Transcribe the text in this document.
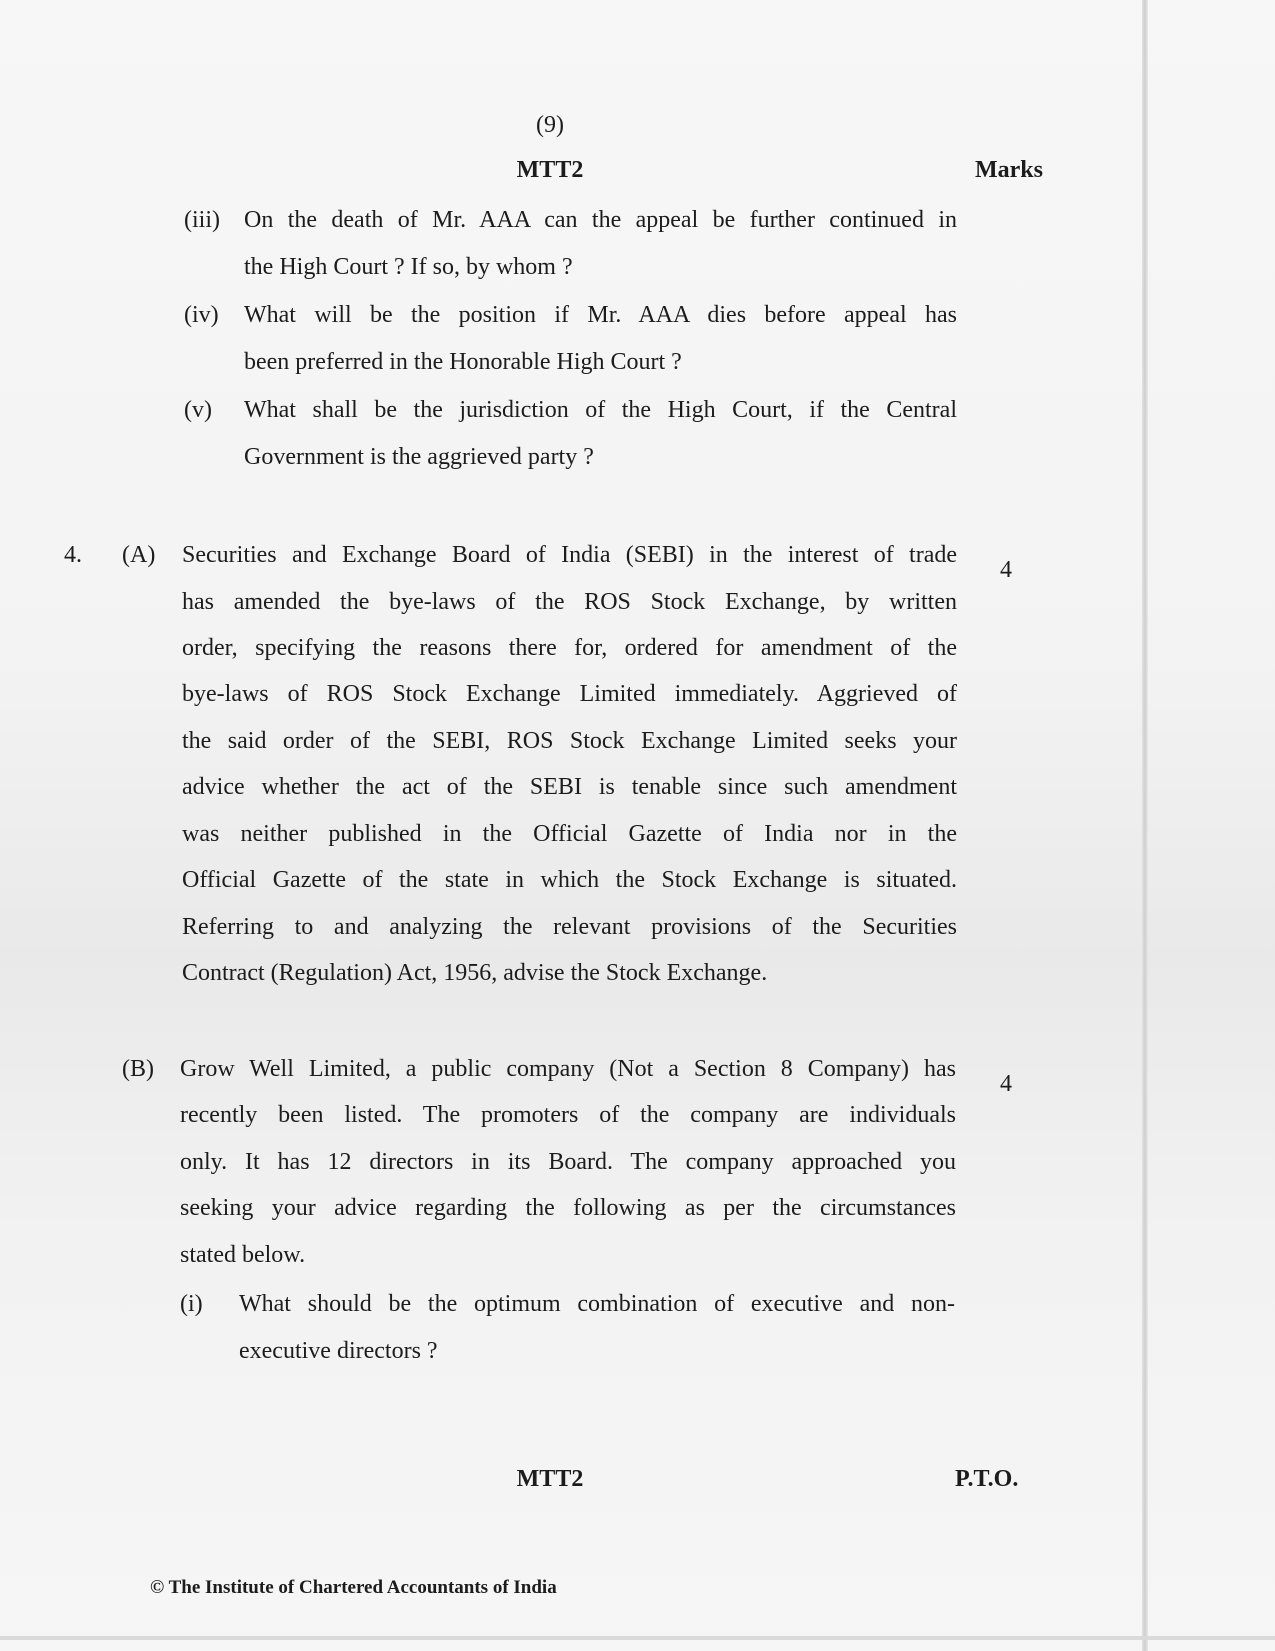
(9)
MTT2	Marks
(iii) On the death of Mr. AAA can the appeal be further continued in
the High Court ? If so, by whom ?
(iv) What will be the position if Mr. AAA dies before appeal has
been preferred in the Honorable High Court ?
(v) What shall be the jurisdiction of the High Court, if the Central
Government is the aggrieved party ?
4. (A)
4
Securities and Exchange Board of India (SEBI) in the interest of trade
has amended the bye-laws of the ROS Stock Exchange, by written
order, specifying the reasons there for, ordered for amendment of the
bye-laws of ROS Stock Exchange Limited immediately. Aggrieved of
the said order of the SEBI, ROS Stock Exchange Limited seeks your
advice whether the act of the SEBI is tenable since such amendment
was neither published in the Official Gazette of India nor in the
Official Gazette of the state in which the Stock Exchange is situated.
Referring to and analyzing the relevant provisions of the Securities
Contract (Regulation) Act, 1956, advise the Stock Exchange.
(B)
4
Grow Well Limited, a public company (Not a Section 8 Company) has
recently been listed. The promoters of the company are individuals
only. It has 12 directors in its Board. The company approached you
seeking your advice regarding the following as per the circumstances
stated below.
(i) What should be the optimum combination of executive and non-
executive directors ?
MTT2	P.T.O.
© The Institute of Chartered Accountants of India
